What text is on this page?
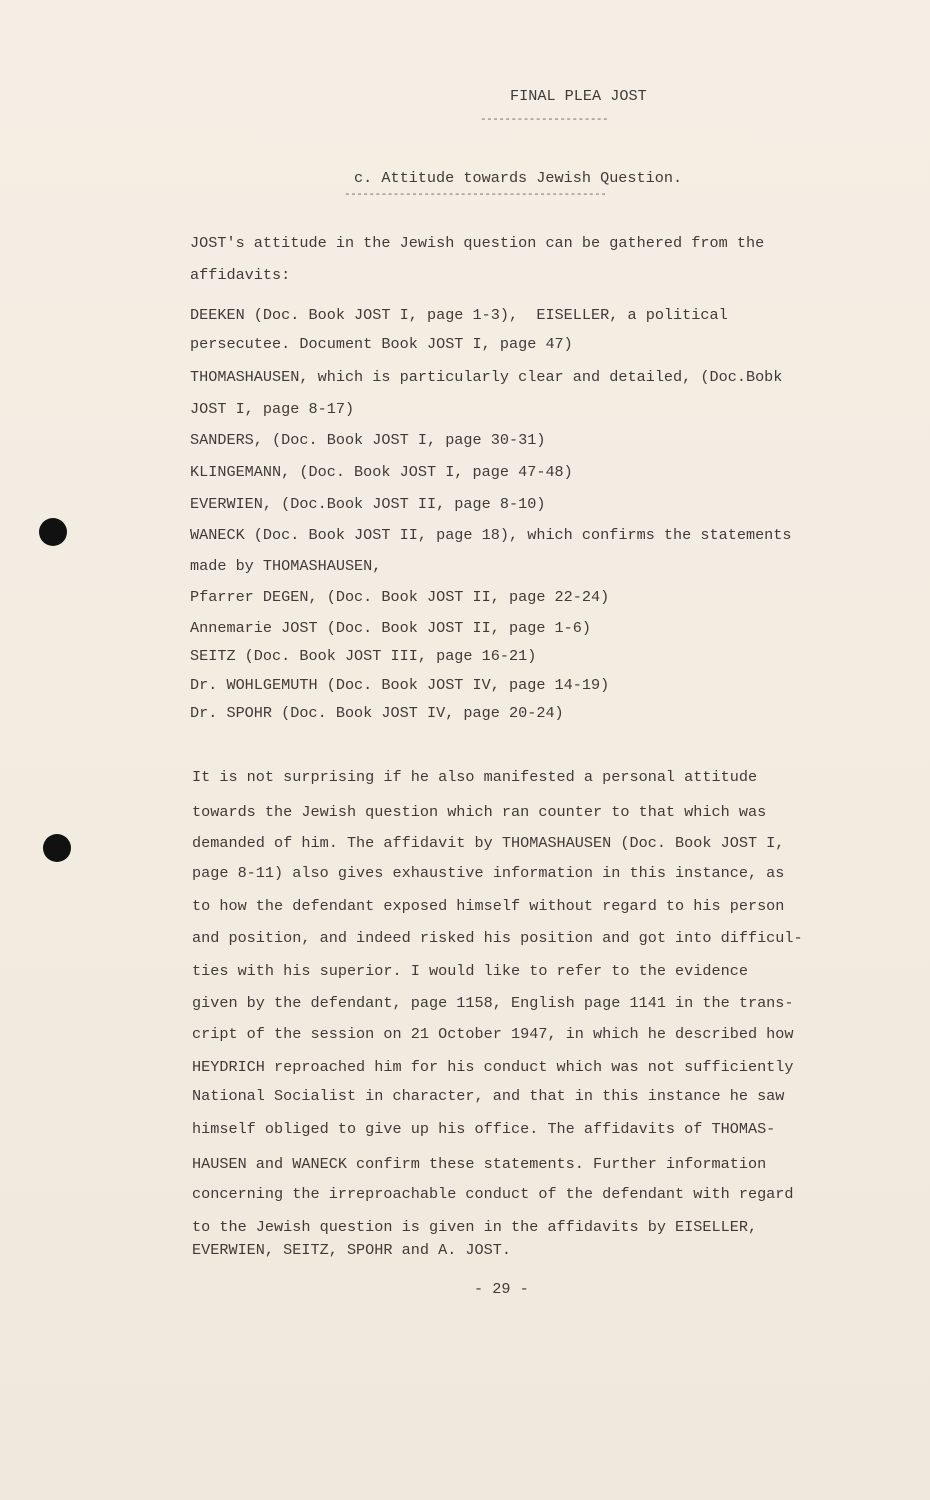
FINAL PLEA JOST
---------------------
c. Attitude towards Jewish Question.
-------------------------------------------
JOST's attitude in the Jewish question can be gathered from the
affidavits:
DEEKEN (Doc. Book JOST I, page 1-3),  EISELLER, a political
persecutee. Document Book JOST I, page 47)
THOMASHAUSEN, which is particularly clear and detailed, (Doc.Bobk
JOST I, page 8-17)
SANDERS, (Doc. Book JOST I, page 30-31)
KLINGEMANN, (Doc. Book JOST I, page 47-48)
EVERWIEN, (Doc.Book JOST II, page 8-10)
WANECK (Doc. Book JOST II, page 18), which confirms the statements
made by THOMASHAUSEN,
Pfarrer DEGEN, (Doc. Book JOST II, page 22-24)
Annemarie JOST (Doc. Book JOST II, page 1-6)
SEITZ (Doc. Book JOST III, page 16-21)
Dr. WOHLGEMUTH (Doc. Book JOST IV, page 14-19)
Dr. SPOHR (Doc. Book JOST IV, page 20-24)
It is not surprising if he also manifested a personal attitude
towards the Jewish question which ran counter to that which was
demanded of him. The affidavit by THOMASHAUSEN (Doc. Book JOST I,
page 8-11) also gives exhaustive information in this instance, as
to how the defendant exposed himself without regard to his person
and position, and indeed risked his position and got into difficul-
ties with his superior. I would like to refer to the evidence
given by the defendant, page 1158, English page 1141 in the trans-
cript of the session on 21 October 1947, in which he described how
HEYDRICH reproached him for his conduct which was not sufficiently
National Socialist in character, and that in this instance he saw
himself obliged to give up his office. The affidavits of THOMAS-
HAUSEN and WANECK confirm these statements. Further information
concerning the irreproachable conduct of the defendant with regard
to the Jewish question is given in the affidavits by EISELLER,
EVERWIEN, SEITZ, SPOHR and A. JOST.
- 29 -
